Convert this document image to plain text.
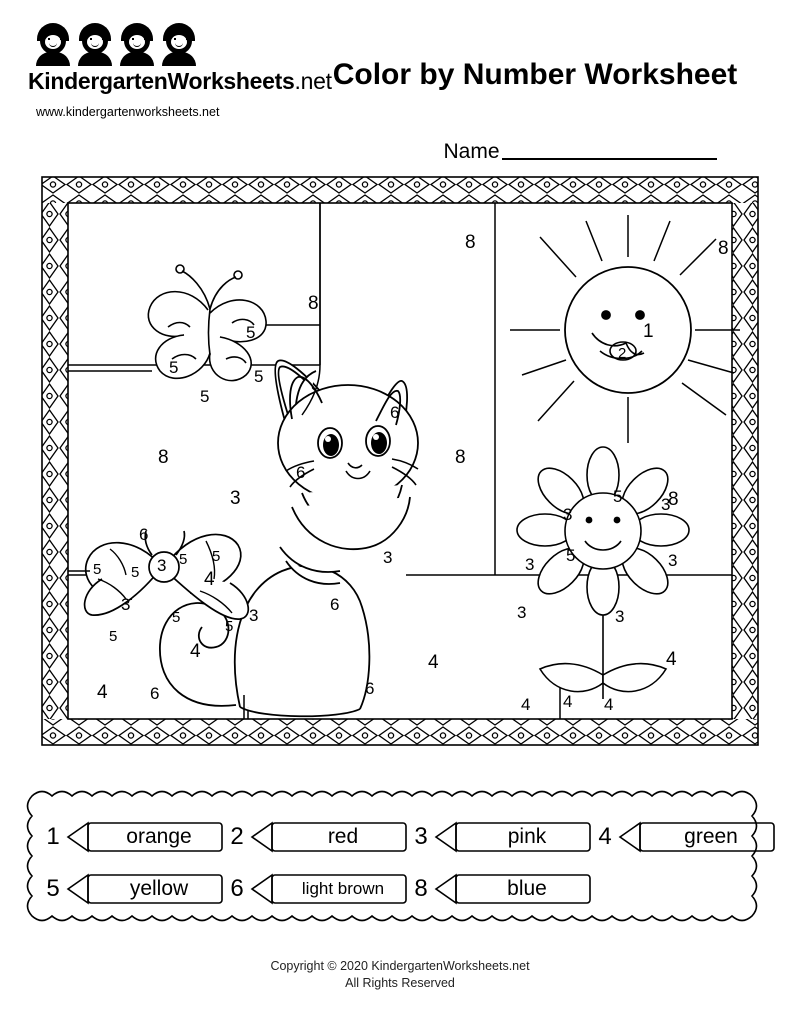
KindergartenWorksheets.net
www.kindergartenworksheets.net
Color by Number Worksheet
Name
8
8	8
1
2
5
5	5
5
8
6
6
8
8
3
3
5 3
3 5	3
3	3
6
3 5 5
5 5	4
3
3
5	3
5
5
6
4
4	4
4 6	6
4 4 4
1	orange	2	red	3	pink	4	green
5	yellow	6	light brown	8	blue
Copyright © 2020 KindergartenWorksheets.net
All Rights Reserved
